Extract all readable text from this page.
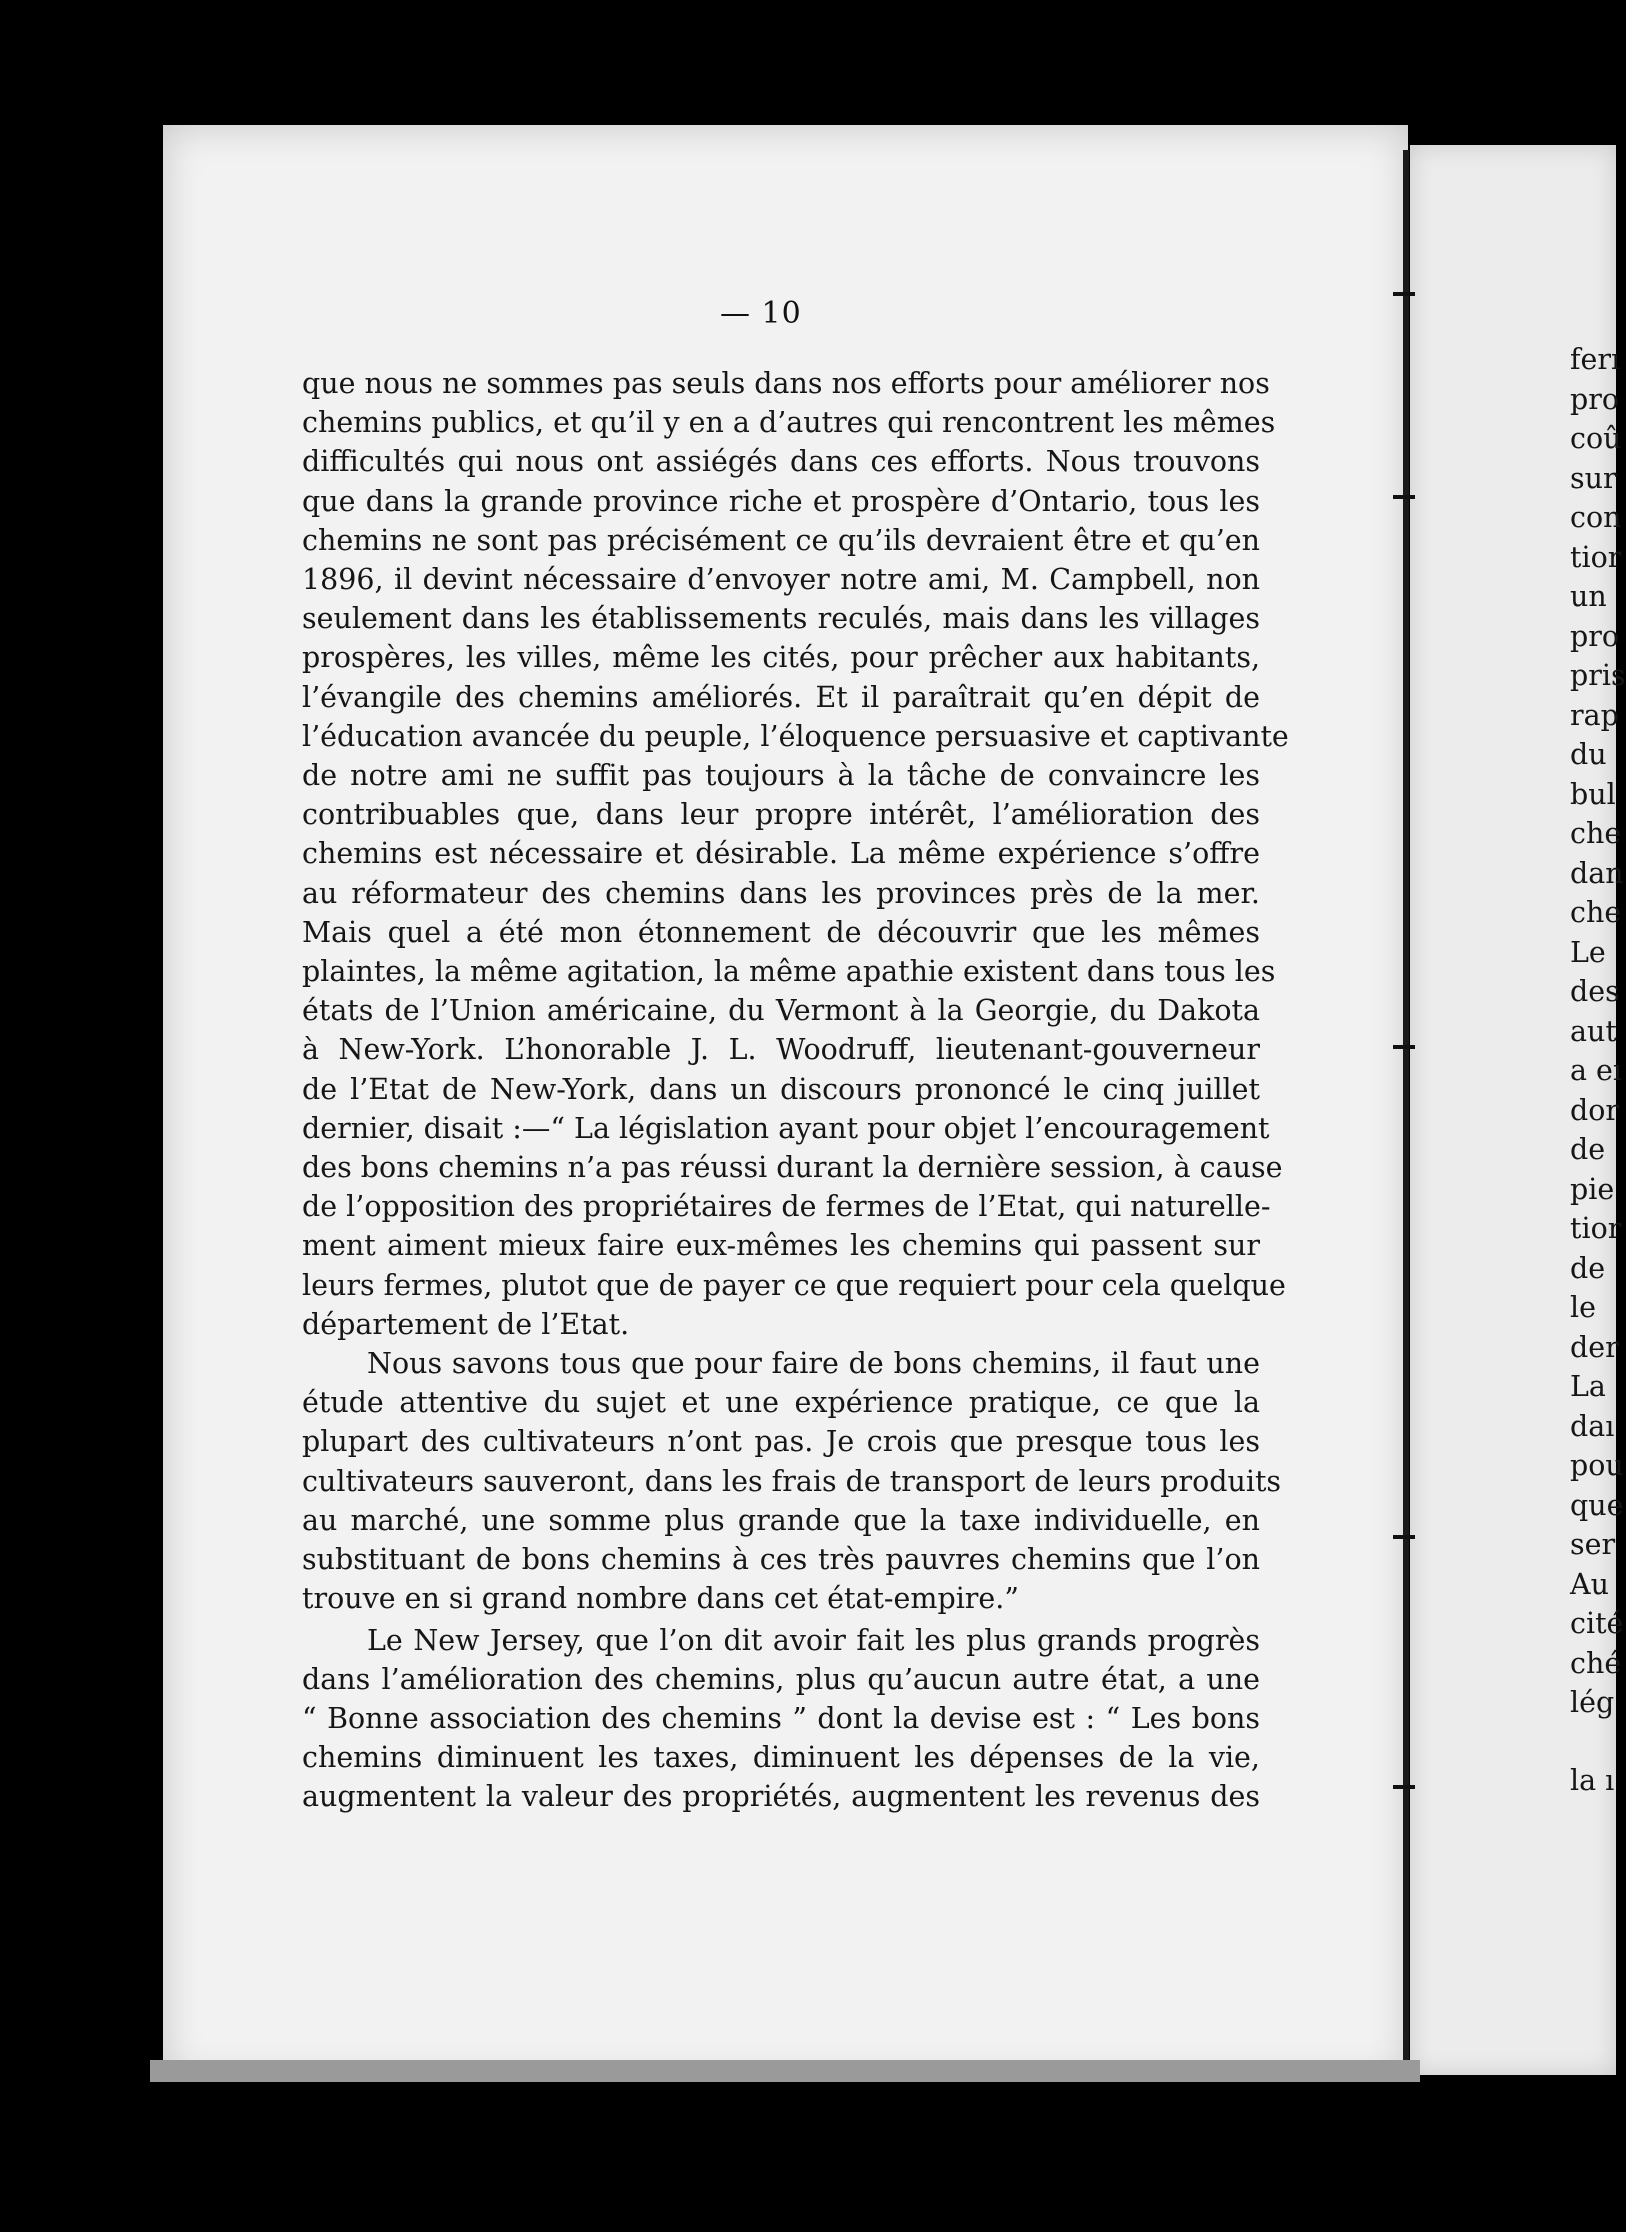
— 10
que nous ne sommes pas seuls dans nos efforts pour améliorer nos
chemins publics, et qu’il y en a d’autres qui rencontrent les mêmes
difficultés qui nous ont assiégés dans ces efforts. Nous trouvons
que dans la grande province riche et prospère d’Ontario, tous les
chemins ne sont pas précisément ce qu’ils devraient être et qu’en
1896, il devint nécessaire d’envoyer notre ami, M. Campbell, non
seulement dans les établissements reculés, mais dans les villages
prospères, les villes, même les cités, pour prêcher aux habitants,
l’évangile des chemins améliorés. Et il paraîtrait qu’en dépit de
l’éducation avancée du peuple, l’éloquence persuasive et captivante
de notre ami ne suffit pas toujours à la tâche de convaincre les
contribuables que, dans leur propre intérêt, l’amélioration des
chemins est nécessaire et désirable. La même expérience s’offre
au réformateur des chemins dans les provinces près de la mer.
Mais quel a été mon étonnement de découvrir que les mêmes
plaintes, la même agitation, la même apathie existent dans tous les
états de l’Union américaine, du Vermont à la Georgie, du Dakota
à New-York. L’honorable J. L. Woodruff, lieutenant-gouverneur
de l’Etat de New-York, dans un discours prononcé le cinq juillet
dernier, disait :—“ La législation ayant pour objet l’encouragement
des bons chemins n’a pas réussi durant la dernière session, à cause
de l’opposition des propriétaires de fermes de l’Etat, qui naturelle-
ment aiment mieux faire eux-mêmes les chemins qui passent sur
leurs fermes, plutot que de payer ce que requiert pour cela quelque
département de l’Etat.
Nous savons tous que pour faire de bons chemins, il faut une
étude attentive du sujet et une expérience pratique, ce que la
plupart des cultivateurs n’ont pas. Je crois que presque tous les
cultivateurs sauveront, dans les frais de transport de leurs produits
au marché, une somme plus grande que la taxe individuelle, en
substituant de bons chemins à ces très pauvres chemins que l’on
trouve en si grand nombre dans cet état-empire.”
Le New Jersey, que l’on dit avoir fait les plus grands progrès
dans l’amélioration des chemins, plus qu’aucun autre état, a une
“ Bonne association des chemins ” dont la devise est : “ Les bons
chemins diminuent les taxes, diminuent les dépenses de la vie,
augmentent la valeur des propriétés, augmentent les revenus des
ferı
pro
coû
sur
con
tior
un
pro
pris
rap
du
bul
che
dan
che
Le
des
aut
a eı
dor
de
pie
tior
de
le
der
La
daı
pou
que
ser
Au
cité
ché
lég
la ı
